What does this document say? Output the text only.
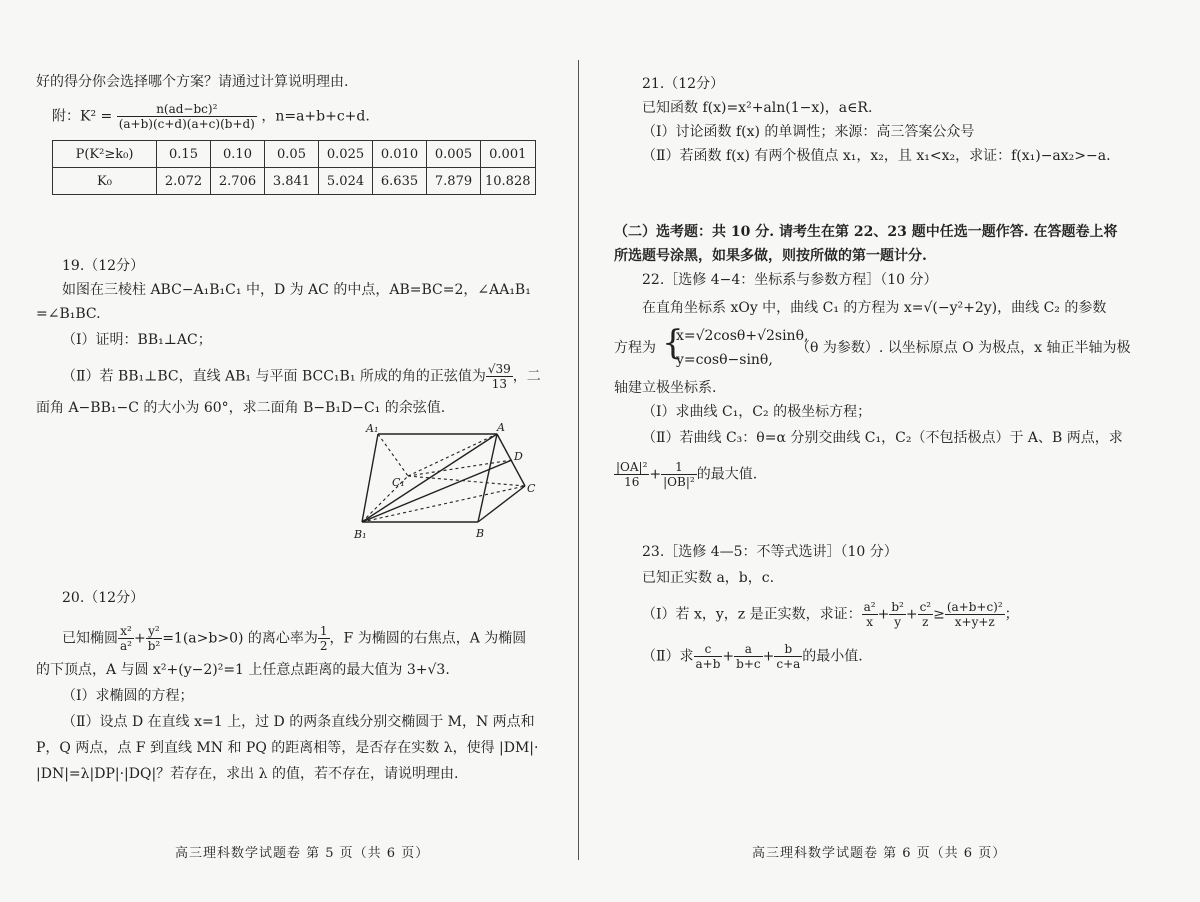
好的得分你会选择哪个方案？请通过计算说明理由.
附：$K^2 = \frac{\text{n(ad−bc)²}}{(a+b)(c+d)(a+c)(b+d)}$ ，n=a+b+c+d.
P(K²≥k₀)	0.15	0.10	0.05	0.025	0.010	0.005	0.001
K₀	2.072	2.706	3.841	5.024	6.635	7.879	10.828
19.（12分）
如图在三棱柱 ABC−A₁B₁C₁ 中，D 为 AC 的中点，AB=BC=2，∠AA₁B₁
=∠B₁BC.
（Ⅰ）证明：BB₁⊥AC；
（Ⅱ）若 BB₁⊥BC，直线 AB₁ 与平面 BCC₁B₁ 所成的角的正弦值为 $\frac{√39}{13}$ ，二
面角 A−BB₁−C 的大小为 60°，求二面角 B−B₁D−C₁ 的余弦值.
A₁	A
D
C₁	C
B₁	B
20.（12分）
已知椭圆 $\frac{\text{x²}}{\text{a²}} + \frac{\text{y²}}{\text{b²}} =1(a>b>0)$ 的离心率为 $\frac{1}{2}$ ，F 为椭圆的右焦点，A 为椭圆
的下顶点，A 与圆 x²+(y−2)²=1 上任意点距离的最大值为 3+√3.
（Ⅰ）求椭圆的方程；
（Ⅱ）设点 D 在直线 x=1 上，过 D 的两条直线分别交椭圆于 M，N 两点和
P，Q 两点，点 F 到直线 MN 和 PQ 的距离相等，是否存在实数 λ，使得 |DM|·
|DN|=λ|DP|·|DQ|？若存在，求出 λ 的值，若不存在，请说明理由.
高三理科数学试题卷 第 5 页（共 6 页）
21.（12分）
已知函数 f(x)=x²+aln(1−x)，a∈R.
（Ⅰ）讨论函数 f(x) 的单调性；来源：高三答案公众号
（Ⅱ）若函数 f(x) 有两个极值点 x₁，x₂，且 x₁<x₂，求证：f(x₁)−ax₂>−a.
（二）选考题：共 10 分. 请考生在第 22、23 题中任选一题作答. 在答题卷上将
所选题号涂黑，如果多做，则按所做的第一题计分.
22.［选修 4−4：坐标系与参数方程］（10 分）
在直角坐标系 xOy 中，曲线 C₁ 的方程为 x=√(−y²+2y)，曲线 C₂ 的参数
方程为 {
x=√2cosθ+√2sinθ,
y=cosθ−sinθ,
（θ 为参数）. 以坐标原点 O 为极点，x 轴正半轴为极
轴建立极坐标系.
（Ⅰ）求曲线 C₁，C₂ 的极坐标方程；
（Ⅱ）若曲线 C₃：θ=α 分别交曲线 C₁，C₂（不包括极点）于 A、B 两点，求
$\frac{\text{|OA|²}}{16} + \frac{1}{\text{|OB|²}}$ 的最大值.
23.［选修 4—5：不等式选讲］（10 分）
已知正实数 a，b，c.
（Ⅰ）若 x，y，z 是正实数，求证： $\frac{\text{a²}}{x} + \frac{\text{b²}}{y} + \frac{\text{c²}}{z} \ge \frac{\text{(a+b+c)²}}{x+y+z}$ ；
（Ⅱ）求 $\frac{c}{a+b} + \frac{a}{b+c} + \frac{b}{c+a}$ 的最小值.
高三理科数学试题卷 第 6 页（共 6 页）
